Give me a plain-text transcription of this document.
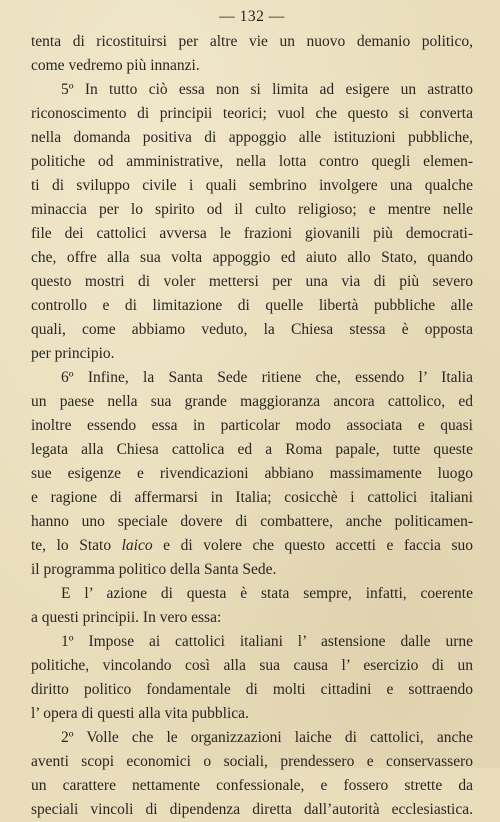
— 132 —
tenta di ricostituirsi per altre vie un nuovo demanio politico,
come vedremo più innanzi.
5º In tutto ciò essa non si limita ad esigere un astratto
riconoscimento di principii teorici; vuol che questo si converta
nella domanda positiva di appoggio alle istituzioni pubbliche,
politiche od amministrative, nella lotta contro quegli elemen-
ti di sviluppo civile i quali sembrino involgere una qualche
minaccia per lo spirito od il culto religioso; e mentre nelle
file dei cattolici avversa le frazioni giovanili più democrati-
che, offre alla sua volta appoggio ed aiuto allo Stato, quando
questo mostri di voler mettersi per una via di più severo
controllo e di limitazione di quelle libertà pubbliche alle
quali, come abbiamo veduto, la Chiesa stessa è opposta
per principio.
6º Infine, la Santa Sede ritiene che, essendo l’ Italia
un paese nella sua grande maggioranza ancora cattolico, ed
inoltre essendo essa in particolar modo associata e quasi
legata alla Chiesa cattolica ed a Roma papale, tutte queste
sue esigenze e rivendicazioni abbiano massimamente luogo
e ragione di affermarsi in Italia; cosicchè i cattolici italiani
hanno uno speciale dovere di combattere, anche politicamen-
te, lo Stato laico e di volere che questo accetti e faccia suo
il programma politico della Santa Sede.
E l’ azione di questa è stata sempre, infatti, coerente
a questi principii. In vero essa:
1º Impose ai cattolici italiani l’ astensione dalle urne
politiche, vincolando così alla sua causa l’ esercizio di un
diritto politico fondamentale di molti cittadini e sottraendo
l’ opera di questi alla vita pubblica.
2º Volle che le organizzazioni laiche di cattolici, anche
aventi scopi economici o sociali, prendessero e conservassero
un carattere nettamente confessionale, e fossero strette da
speciali vincoli di dipendenza diretta dall’autorità ecclesiastica.
